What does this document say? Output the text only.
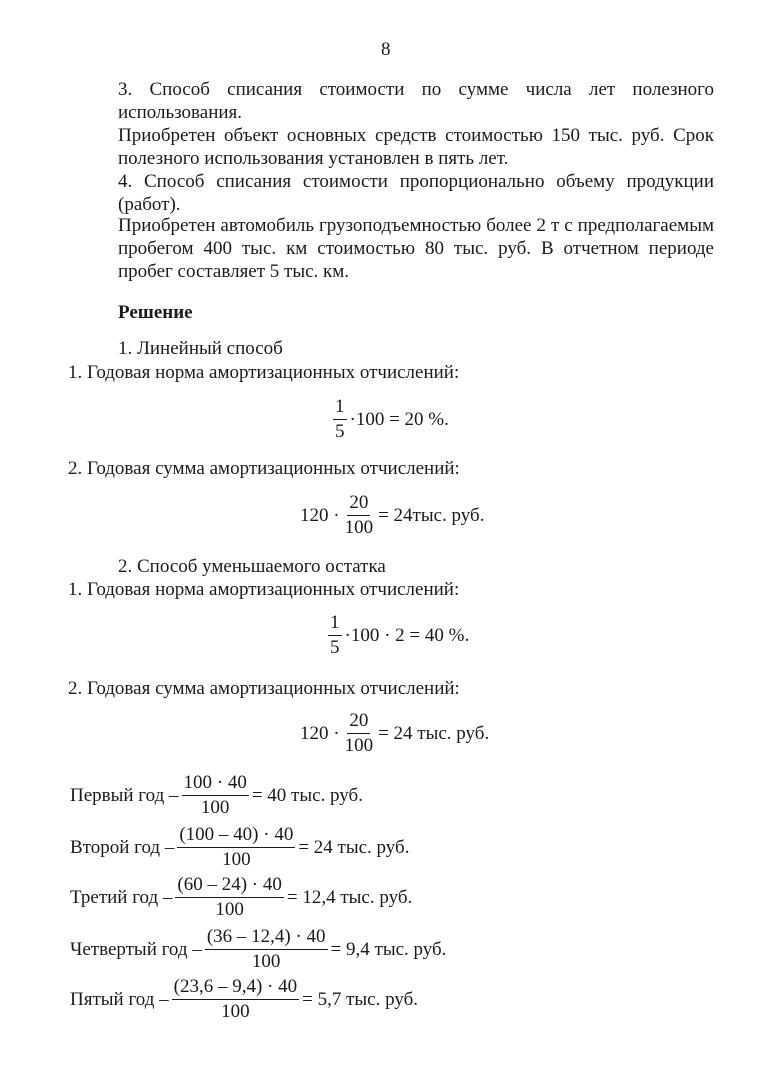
8
3. Способ списания стоимости по сумме числа лет полезного использования.
Приобретен объект основных средств стоимостью 150 тыс. руб. Срок полезного использования установлен в пять лет.
4. Способ списания стоимости пропорционально объему продукции (работ).
Приобретен автомобиль грузоподъемностью более 2 т с предполагаемым пробегом 400 тыс. км стоимостью 80 тыс. руб. В отчетном периоде пробег составляет 5 тыс. км.
Решение
1. Линейный способ
1. Годовая норма амортизационных отчислений:
$\frac{1}{5} \cdot 100 = 20$ %.
2. Годовая сумма амортизационных отчислений:
$120 \cdot \frac{20}{100} = 24тыс$. руб.
2. Способ уменьшаемого остатка
1. Годовая норма амортизационных отчислений:
$\frac{1}{5} \cdot 100 \cdot 2 = 40$ %.
2. Годовая сумма амортизационных отчислений:
$120 \cdot \frac{20}{100} = 24$ тыс. руб.
Первый год – $\frac{100 \cdot 40}{100} = 40$ тыс. руб.
Второй год – $\frac{(100 - 40) \cdot 40}{100} = 24$ тыс. руб.
Третий год – $\frac{(60 - 24) \cdot 40}{100} = 12,4$ тыс. руб.
Четвертый год – $\frac{(36 - 12,4) \cdot 40}{100} = 9,4$ тыс. руб.
Пятый год – $\frac{(23,6 - 9,4) \cdot 40}{100} = 5,7$ тыс. руб.
